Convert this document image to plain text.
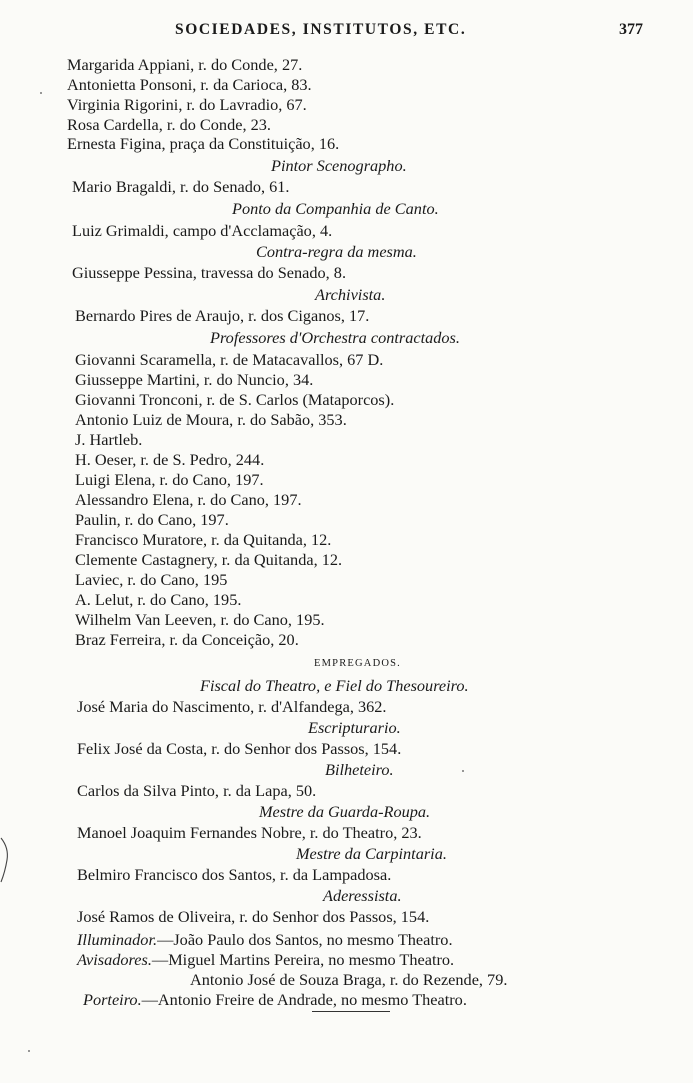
SOCIEDADES, INSTITUTOS, ETC.	377
Margarida Appiani, r. do Conde, 27.
Antonietta Ponsoni, r. da Carioca, 83.
Virginia Rigorini, r. do Lavradio, 67.
Rosa Cardella, r. do Conde, 23.
Ernesta Figina, praça da Constituição, 16.
Pintor Scenographo.
Mario Bragaldi, r. do Senado, 61.
Ponto da Companhia de Canto.
Luiz Grimaldi, campo d'Acclamação, 4.
Contra-regra da mesma.
Giusseppe Pessina, travessa do Senado, 8.
Archivista.
Bernardo Pires de Araujo, r. dos Ciganos, 17.
Professores d'Orchestra contractados.
Giovanni Scaramella, r. de Matacavallos, 67 D.
Giusseppe Martini, r. do Nuncio, 34.
Giovanni Tronconi, r. de S. Carlos (Mataporcos).
Antonio Luiz de Moura, r. do Sabão, 353.
J. Hartleb.
H. Oeser, r. de S. Pedro, 244.
Luigi Elena, r. do Cano, 197.
Alessandro Elena, r. do Cano, 197.
Paulin, r. do Cano, 197.
Francisco Muratore, r. da Quitanda, 12.
Clemente Castagnery, r. da Quitanda, 12.
Laviec, r. do Cano, 195
A. Lelut, r. do Cano, 195.
Wilhelm Van Leeven, r. do Cano, 195.
Braz Ferreira, r. da Conceição, 20.
EMPREGADOS.
Fiscal do Theatro, e Fiel do Thesoureiro.
José Maria do Nascimento, r. d'Alfandega, 362.
Escripturario.
Felix José da Costa, r. do Senhor dos Passos, 154.
Bilheteiro.
Carlos da Silva Pinto, r. da Lapa, 50.
Mestre da Guarda-Roupa.
Manoel Joaquim Fernandes Nobre, r. do Theatro, 23.
Mestre da Carpintaria.
Belmiro Francisco dos Santos, r. da Lampadosa.
Aderessista.
José Ramos de Oliveira, r. do Senhor dos Passos, 154.
Illuminador.—João Paulo dos Santos, no mesmo Theatro.
Avisadores.—Miguel Martins Pereira, no mesmo Theatro.
Antonio José de Souza Braga, r. do Rezende, 79.
Porteiro.—Antonio Freire de Andrade, no mesmo Theatro.
